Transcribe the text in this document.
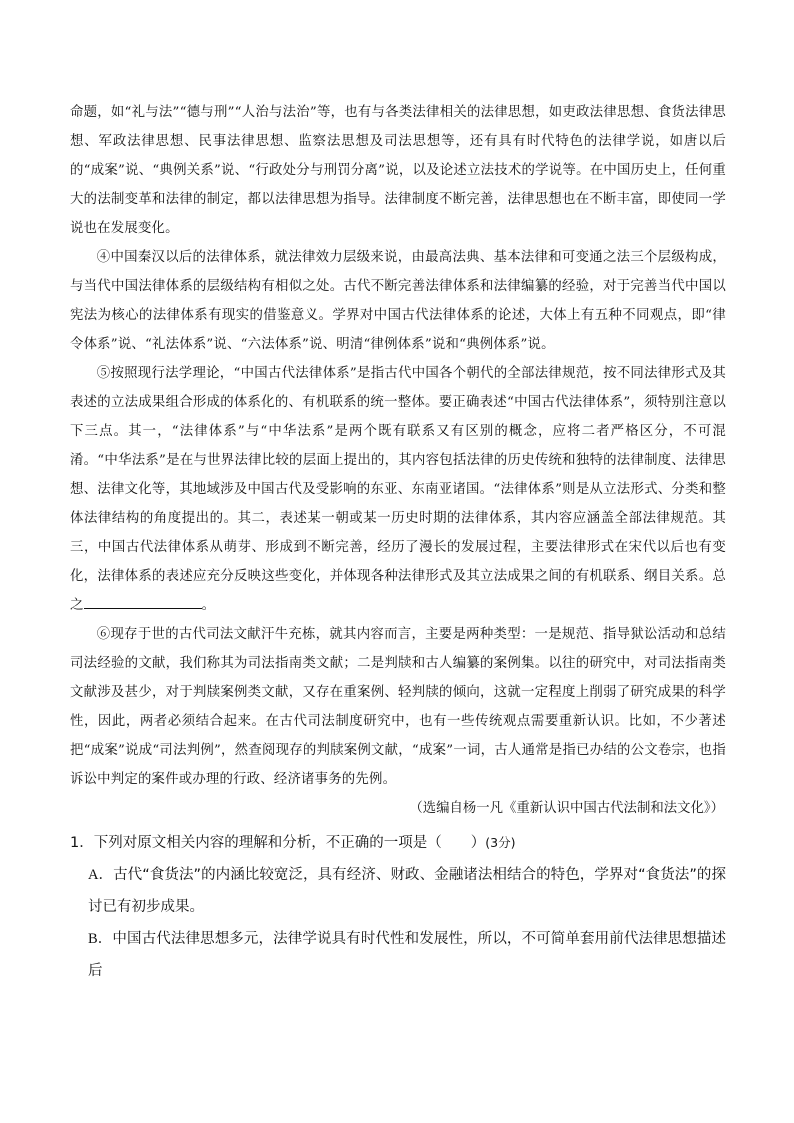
命题，如“礼与法”“德与刑”“人治与法治”等，也有与各类法律相关的法律思想，如吏政法律思想、食货法律思想、军政法律思想、民事法律思想、监察法思想及司法思想等，还有具有时代特色的法律学说，如唐以后的“成案”说、“典例关系”说、“行政处分与刑罚分离”说，以及论述立法技术的学说等。在中国历史上，任何重大的法制变革和法律的制定，都以法律思想为指导。法律制度不断完善，法律思想也在不断丰富，即使同一学说也在发展变化。

④中国秦汉以后的法律体系，就法律效力层级来说，由最高法典、基本法律和可变通之法三个层级构成，与当代中国法律体系的层级结构有相似之处。古代不断完善法律体系和法律编纂的经验，对于完善当代中国以宪法为核心的法律体系有现实的借鉴意义。学界对中国古代法律体系的论述，大体上有五种不同观点，即“律令体系”说、“礼法体系”说、“六法体系”说、明清“律例体系”说和“典例体系”说。

⑤按照现行法学理论，“中国古代法律体系”是指古代中国各个朝代的全部法律规范，按不同法律形式及其表述的立法成果组合形成的体系化的、有机联系的统一整体。要正确表述“中国古代法律体系”，须特别注意以下三点。其一，“法律体系”与“中华法系”是两个既有联系又有区别的概念，应将二者严格区分，不可混淆。“中华法系”是在与世界法律比较的层面上提出的，其内容包括法律的历史传统和独特的法律制度、法律思想、法律文化等，其地域涉及中国古代及受影响的东亚、东南亚诸国。“法律体系”则是从立法形式、分类和整体法律结构的角度提出的。其二，表述某一朝或某一历史时期的法律体系，其内容应涵盖全部法律规范。其三，中国古代法律体系从萌芽、形成到不断完善，经历了漫长的发展过程，主要法律形式在宋代以后也有变化，法律体系的表述应充分反映这些变化，并体现各种法律形式及其立法成果之间的有机联系、纲目关系。总之	。

⑥现存于世的古代司法文献汗牛充栋，就其内容而言，主要是两种类型：一是规范、指导狱讼活动和总结司法经验的文献，我们称其为司法指南类文献；二是判牍和古人编纂的案例集。以往的研究中，对司法指南类文献涉及甚少，对于判牍案例类文献，又存在重案例、轻判牍的倾向，这就一定程度上削弱了研究成果的科学性，因此，两者必须结合起来。在古代司法制度研究中，也有一些传统观点需要重新认识。比如，不少著述把“成案”说成“司法判例”，然查阅现存的判牍案例文献，“成案”一词，古人通常是指已办结的公文卷宗，也指诉讼中判定的案件或办理的行政、经济诸事务的先例。

（选编自杨一凡《重新认识中国古代法制和法文化》）

1．下列对原文相关内容的理解和分析，不正确的一项是（　　）(3分)

A．古代“食货法”的内涵比较宽泛，具有经济、财政、金融诸法相结合的特色，学界对“食货法”的探讨已有初步成果。

B．中国古代法律思想多元，法律学说具有时代性和发展性，所以，不可简单套用前代法律思想描述后
